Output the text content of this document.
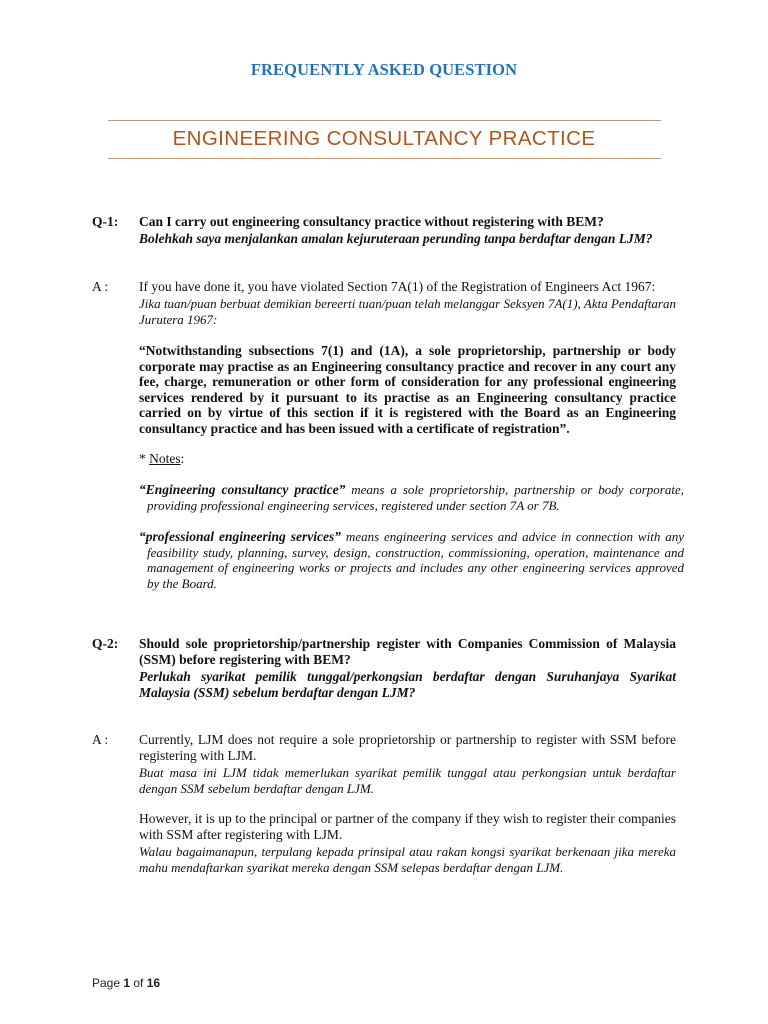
FREQUENTLY ASKED QUESTION
ENGINEERING CONSULTANCY PRACTICE
Q-1: Can I carry out engineering consultancy practice without registering with BEM?
Bolehkah saya menjalankan amalan kejuruteraan perunding tanpa berdaftar dengan LJM?
A : If you have done it, you have violated Section 7A(1) of the Registration of Engineers Act 1967:
Jika tuan/puan berbuat demikian bereerti tuan/puan telah melanggar Seksyen 7A(1), Akta Pendaftaran Jurutera 1967:
“Notwithstanding subsections 7(1) and (1A), a sole proprietorship, partnership or body corporate may practise as an Engineering consultancy practice and recover in any court any fee, charge, remuneration or other form of consideration for any professional engineering services rendered by it pursuant to its practise as an Engineering consultancy practice carried on by virtue of this section if it is registered with the Board as an Engineering consultancy practice and has been issued with a certificate of registration”.
* Notes:
“Engineering consultancy practice” means a sole proprietorship, partnership or body corporate, providing professional engineering services, registered under section 7A or 7B.
“professional engineering services” means engineering services and advice in connection with any feasibility study, planning, survey, design, construction, commissioning, operation, maintenance and management of engineering works or projects and includes any other engineering services approved by the Board.
Q-2: Should sole proprietorship/partnership register with Companies Commission of Malaysia (SSM) before registering with BEM?
Perlukah syarikat pemilik tunggal/perkongsian berdaftar dengan Suruhanjaya Syarikat Malaysia (SSM) sebelum berdaftar dengan LJM?
A : Currently, LJM does not require a sole proprietorship or partnership to register with SSM before registering with LJM.
Buat masa ini LJM tidak memerlukan syarikat pemilik tunggal atau perkongsian untuk berdaftar dengan SSM sebelum berdaftar dengan LJM.
However, it is up to the principal or partner of the company if they wish to register their companies with SSM after registering with LJM.
Walau bagaimanapun, terpulang kepada prinsipal atau rakan kongsi syarikat berkenaan jika mereka mahu mendaftarkan syarikat mereka dengan SSM selepas berdaftar dengan LJM.
Page 1 of 16
